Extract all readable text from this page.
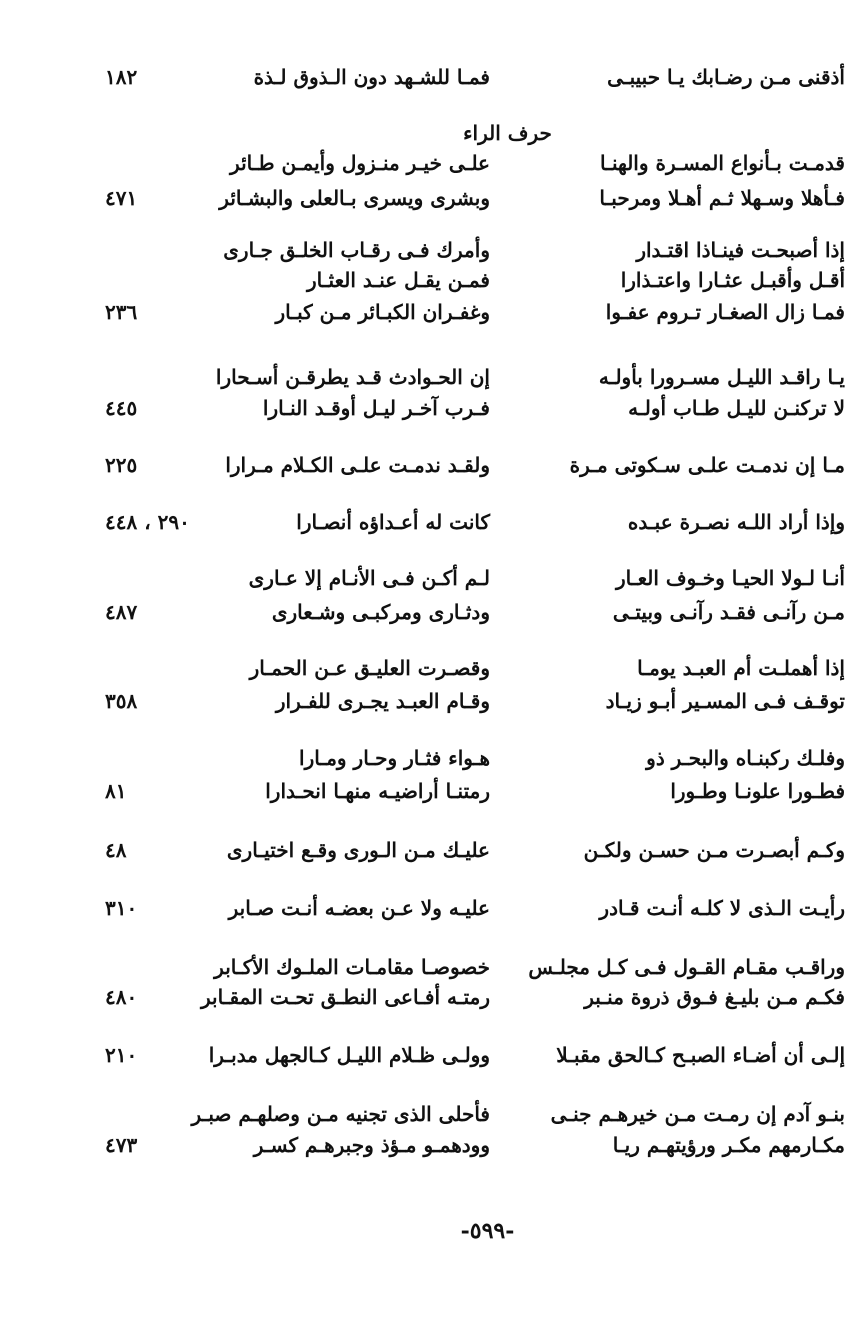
أذقنى مـن رضـابك يـا حبيبـى
فمـا للشـهد دون الـذوق لـذة
١٨٢
حرف الراء
قدمـت بـأنواع المسـرة والهنـا
علـى خيـر منـزول وأيمـن طـائر
فـأهلا وسـهلا ثـم أهـلا ومرحبـا
وبشرى ويسرى بـالعلى والبشـائر
٤٧١
إذا أصبحـت فينـاذا اقتـدار
وأمرك فـى رقـاب الخلـق جـارى
أقـل وأقبـل عثـارا واعتـذارا
فمـن يقـل عنـد العثـار
فمـا زال الصغـار تـروم عفـوا
وغفـران الكبـائر مـن كبـار
٢٣٦
يـا راقـد الليـل مسـرورا بأولـه
إن الحـوادث قـد يطرقـن أسـحارا
لا تركنـن لليـل طـاب أولـه
فـرب آخـر ليـل أوقـد النـارا
٤٤٥
مـا إن ندمـت علـى سـكوتى مـرة
ولقـد ندمـت علـى الكـلام مـرارا
٢٢٥
وإذا أراد اللـه نصـرة عبـده
كانت له أعـداؤه أنصـارا
٢٩٠ ، ٤٤٨
أنـا لـولا الحيـا وخـوف العـار
لـم أكـن فـى الأنـام إلا عـارى
مـن رآنـى فقـد رآنـى وبيتـى
ودثـارى ومركبـى وشـعارى
٤٨٧
إذا أهملـت أم العبـد يومـا
وقصـرت العليـق عـن الحمـار
توقـف فـى المسـير أبـو زيـاد
وقـام العبـد يجـرى للفـرار
٣٥٨
وفلـك ركبنـاه والبحـر ذو
هـواء فثـار وحـار ومـارا
فطـورا علونـا وطـورا
رمتنـا أراضيـه منهـا انحـدارا
٨١
وكـم أبصـرت مـن حسـن ولكـن
عليـك مـن الـورى وقـع اختيـارى
٤٨
رأيـت الـذى لا كلـه أنـت قـادر
عليـه ولا عـن بعضـه أنـت صـابر
٣١٠
وراقـب مقـام القـول فـى كـل مجلـس
خصوصـا مقامـات الملـوك الأكـابر
فكـم مـن بليـغ فـوق ذروة منـبر
رمتـه أفـاعى النطـق تحـت المقـابر
٤٨٠
إلـى أن أضـاء الصبـح كـالحق مقبـلا
وولـى ظـلام الليـل كـالجهل مدبـرا
٢١٠
بنـو آدم إن رمـت مـن خيرهـم جنـى
فأحلى الذى تجنيه مـن وصلهـم صبـر
مكـارمهم مكـر ورؤيتهـم ريـا
وودهمـو مـؤذ وجبرهـم كسـر
٤٧٣
-٥٩٩-
